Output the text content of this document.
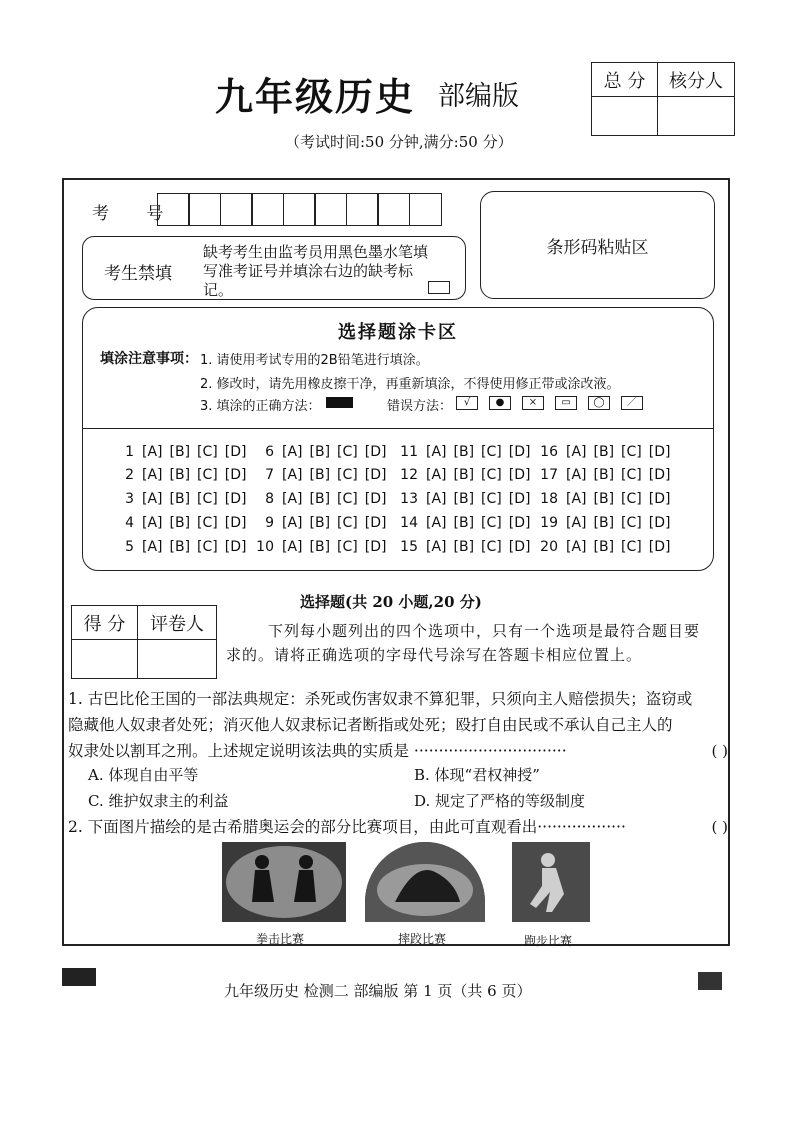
九年级历史 部编版
（考试时间:50 分钟,满分:50 分）
总 分	核分人
考 号
考生禁填
缺考考生由监考员用黑色墨水笔填写准考证号并填涂右边的缺考标记。
条形码粘贴区
选择题涂卡区
填涂注意事项： 1. 请使用考试专用的2B铅笔进行填涂。
2. 修改时，请先用橡皮擦干净，再重新填涂，不得使用修正带或涂改液。
3. 填涂的正确方法：	错误方法：	√	●	×	▭	◯	／
1 [A] [B] [C] [D]
2 [A] [B] [C] [D]
3 [A] [B] [C] [D]
4 [A] [B] [C] [D]
5 [A] [B] [C] [D]
6 [A] [B] [C] [D]
7 [A] [B] [C] [D]
8 [A] [B] [C] [D]
9 [A] [B] [C] [D]
10 [A] [B] [C] [D]
11 [A] [B] [C] [D]
12 [A] [B] [C] [D]
13 [A] [B] [C] [D]
14 [A] [B] [C] [D]
15 [A] [B] [C] [D]
16 [A] [B] [C] [D]
17 [A] [B] [C] [D]
18 [A] [B] [C] [D]
19 [A] [B] [C] [D]
20 [A] [B] [C] [D]
选择题(共 20 小题,20 分)
得 分	评卷人	下列每小题列出的四个选项中，只有一个选项是最符合题目要
求的。请将正确选项的字母代号涂写在答题卡相应位置上。
1. 古巴比伦王国的一部法典规定：杀死或伤害奴隶不算犯罪，只须向主人赔偿损失；盗窃或
隐藏他人奴隶者处死；消灭他人奴隶标记者断指或处死；殴打自由民或不承认自己主人的
奴隶处以割耳之刑。上述规定说明该法典的实质是 ·······························	( )
A. 体现自由平等	B. 体现“君权神授”
C. 维护奴隶主的利益	D. 规定了严格的等级制度
2. 下面图片描绘的是古希腊奥运会的部分比赛项目，由此可直观看出··················	( )
拳击比赛	摔跤比赛	跑步比赛
九年级历史 检测二 部编版 第 1 页（共 6 页）
